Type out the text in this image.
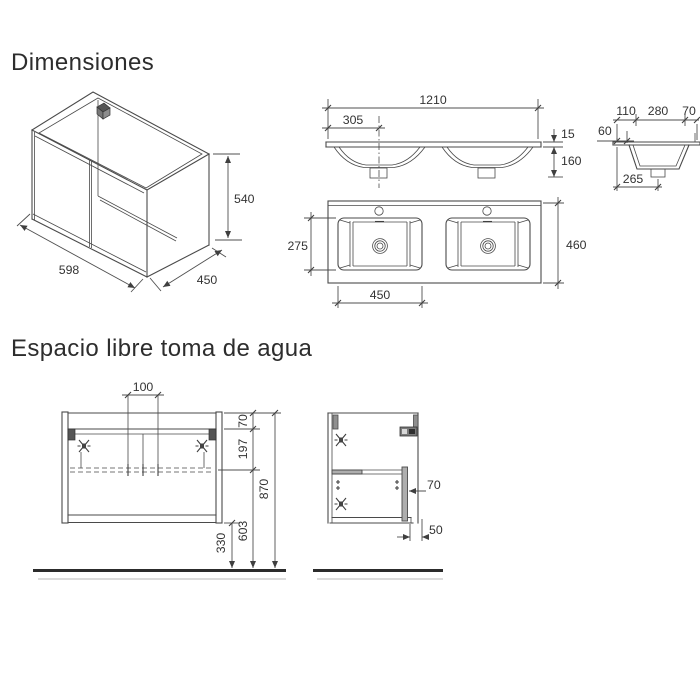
Dimensiones
Espacio libre toma de agua
598
450
540
1210
305
15
160
110 280 70
60
265
275	460
450
100
70
197
603
870
330
70
50
